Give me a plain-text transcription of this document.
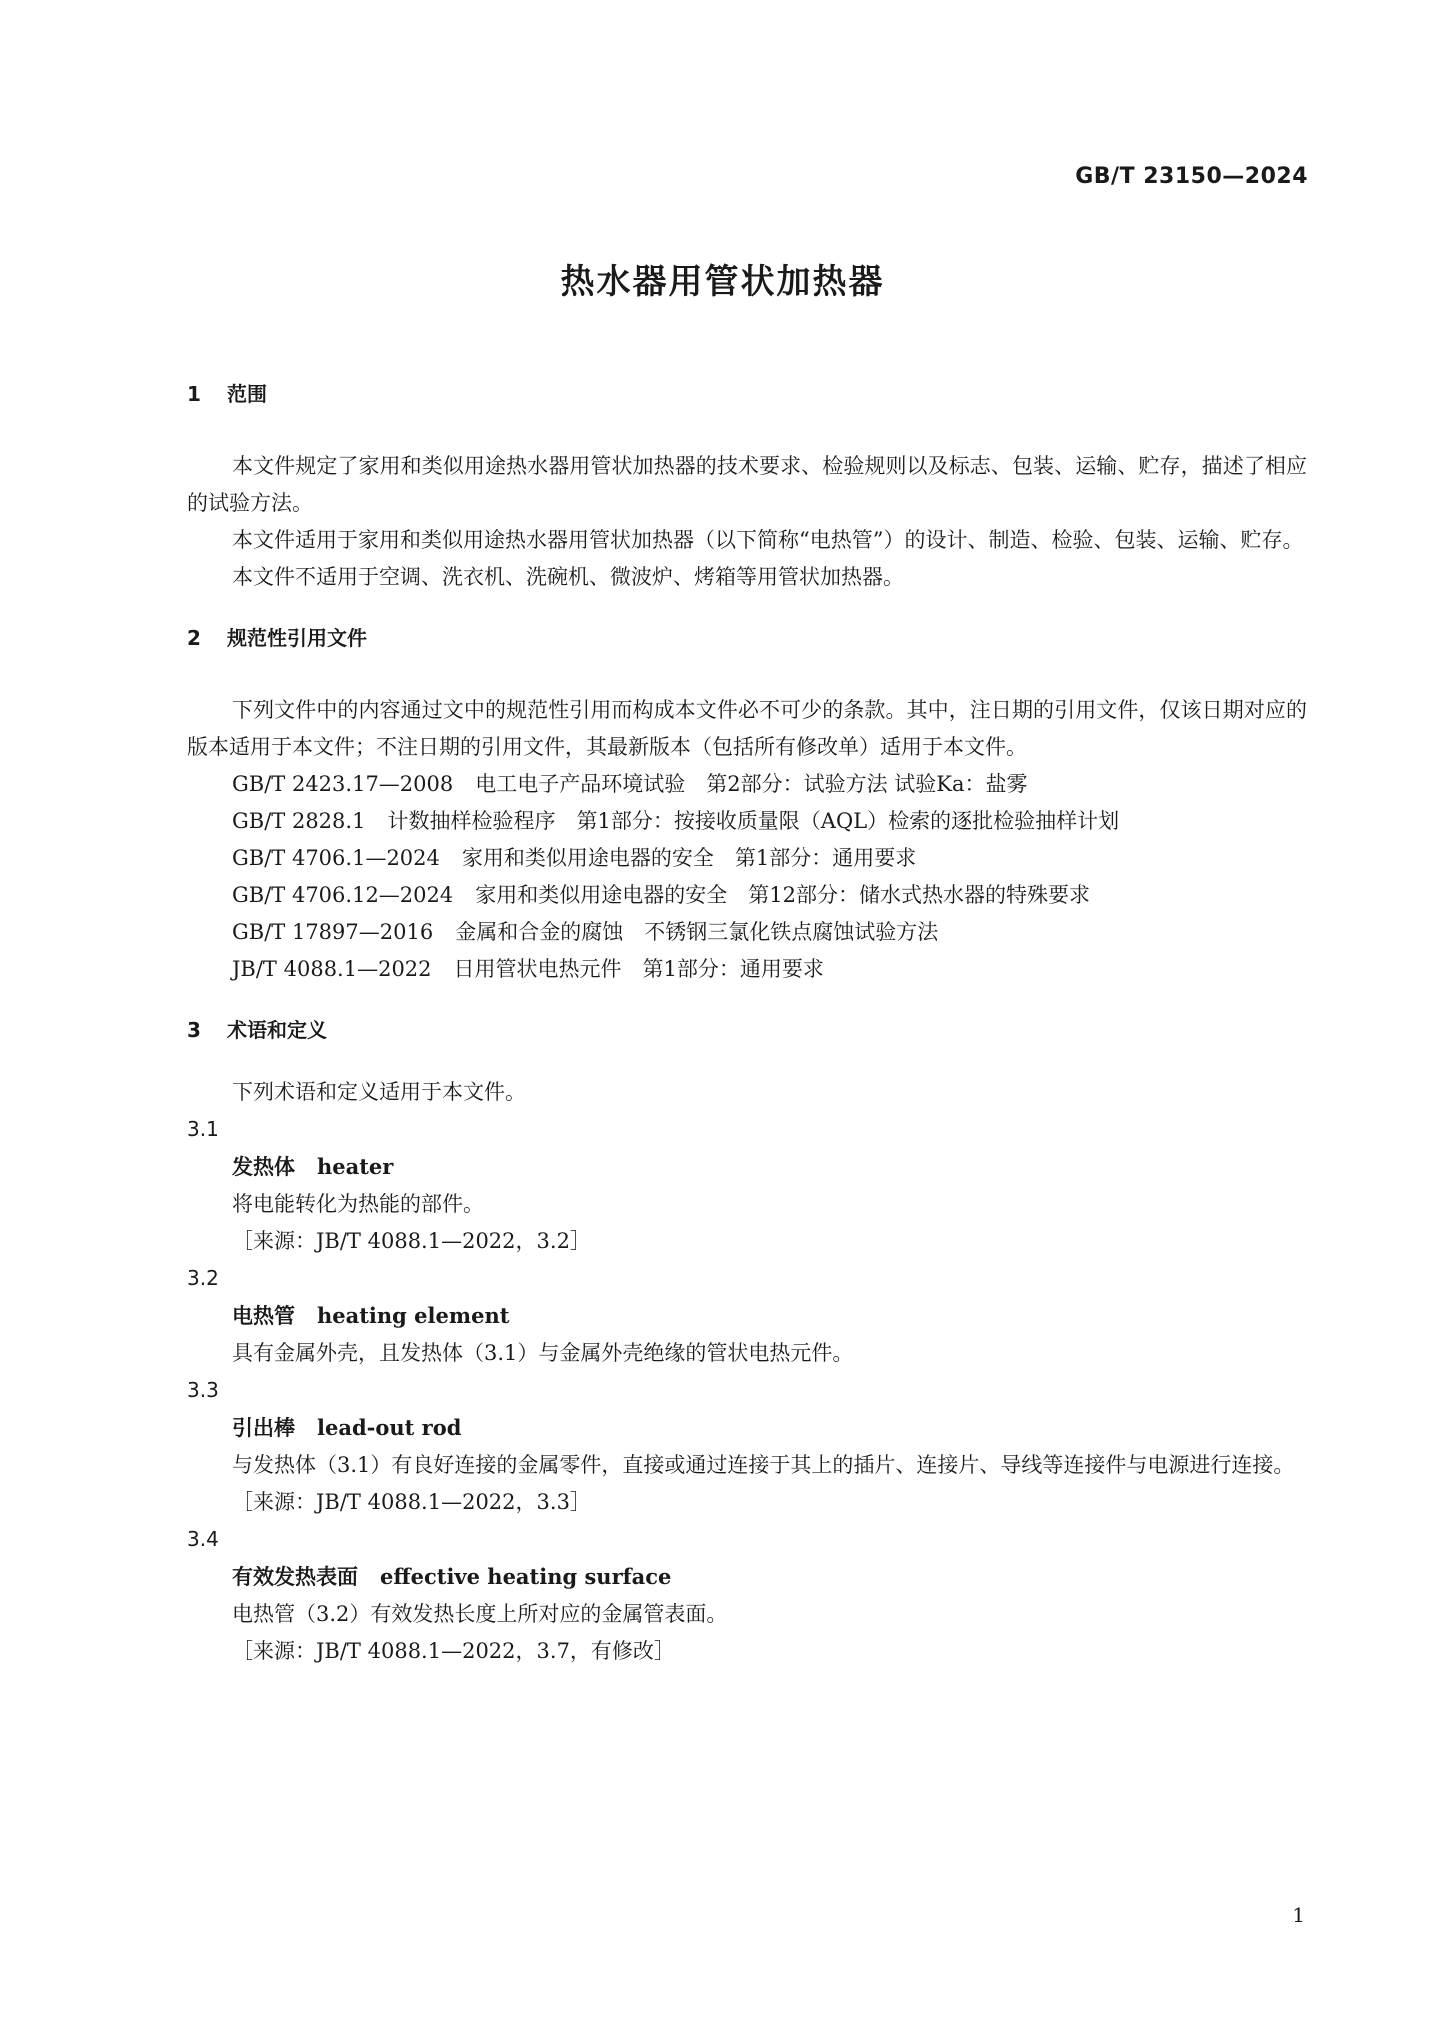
GB/T 23150—2024
热水器用管状加热器
1 范围

本文件规定了家用和类似用途热水器用管状加热器的技术要求、检验规则以及标志、包装、运输、贮存，描述了相应的试验方法。

本文件适用于家用和类似用途热水器用管状加热器（以下简称“电热管”）的设计、制造、检验、包装、运输、贮存。

本文件不适用于空调、洗衣机、洗碗机、微波炉、烤箱等用管状加热器。

2 规范性引用文件

下列文件中的内容通过文中的规范性引用而构成本文件必不可少的条款。其中，注日期的引用文件，仅该日期对应的版本适用于本文件；不注日期的引用文件，其最新版本（包括所有修改单）适用于本文件。

GB/T 2423.17—2008 电工电子产品环境试验　第2部分：试验方法 试验Ka：盐雾
GB/T 2828.1 计数抽样检验程序　第1部分：按接收质量限（AQL）检索的逐批检验抽样计划
GB/T 4706.1—2024 家用和类似用途电器的安全　第1部分：通用要求
GB/T 4706.12—2024 家用和类似用途电器的安全　第12部分：储水式热水器的特殊要求
GB/T 17897—2016 金属和合金的腐蚀　不锈钢三氯化铁点腐蚀试验方法
JB/T 4088.1—2022 日用管状电热元件　第1部分：通用要求
3 术语和定义

下列术语和定义适用于本文件。

3.1
发热体 heater
将电能转化为热能的部件。
［来源：JB/T 4088.1—2022，3.2］
3.2
电热管 heating element
具有金属外壳，且发热体（3.1）与金属外壳绝缘的管状电热元件。
3.3
引出棒 lead-out rod

与发热体（3.1）有良好连接的金属零件，直接或通过连接于其上的插片、连接片、导线等连接件与电源进行连接。

［来源：JB/T 4088.1—2022，3.3］
3.4
有效发热表面 effective heating surface
电热管（3.2）有效发热长度上所对应的金属管表面。
［来源：JB/T 4088.1—2022，3.7，有修改］
1
